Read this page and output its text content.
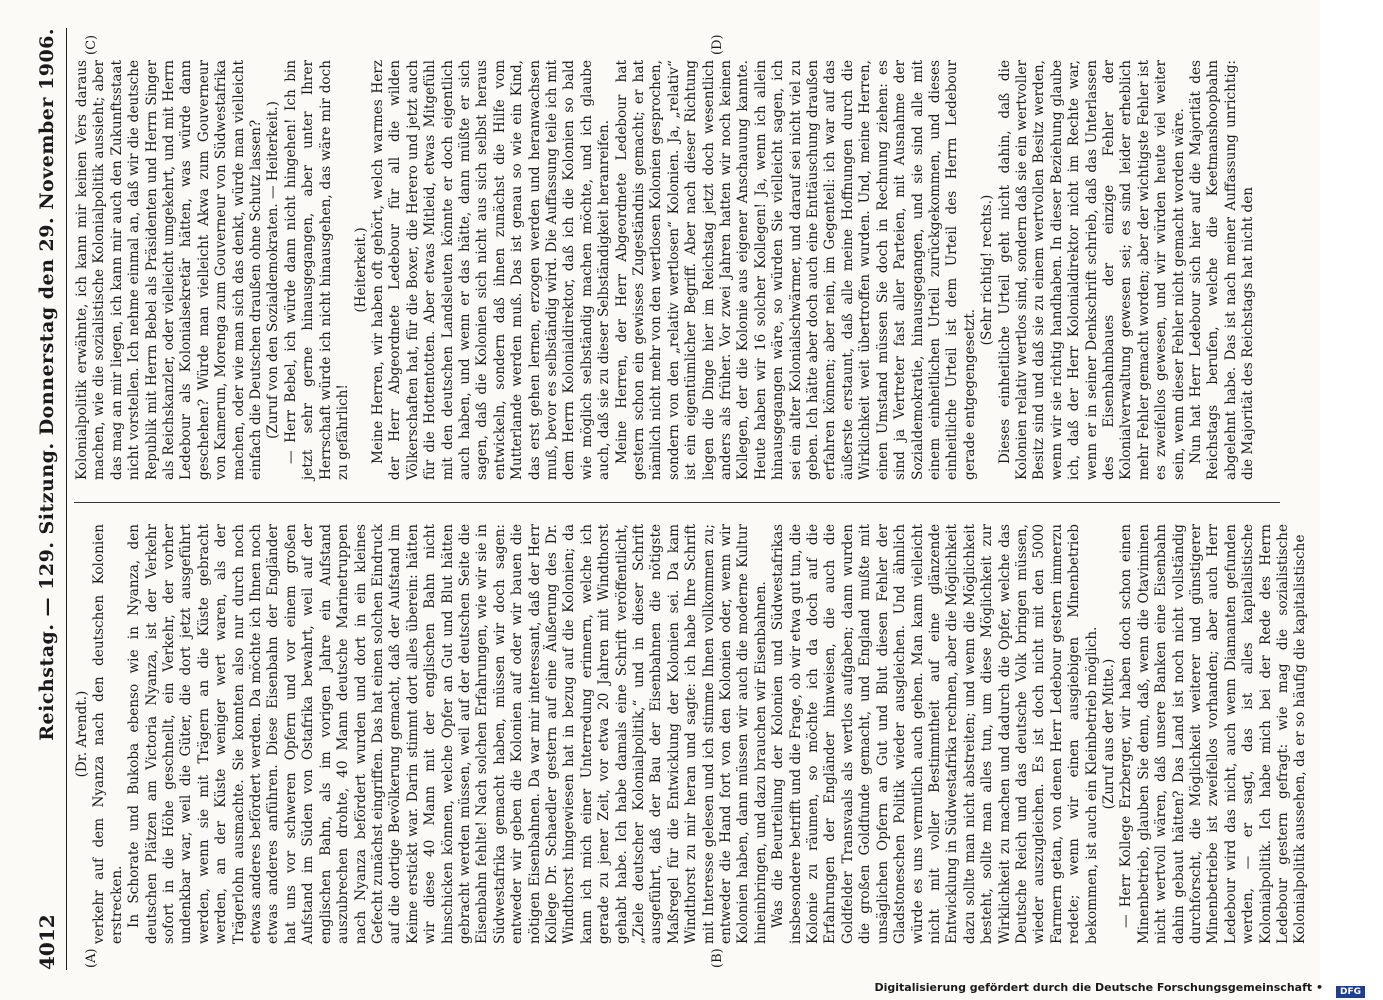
4012
Reichstag. — 129. Sitzung. Donnerstag den 29. November 1906.
(A)	(B)
(C)	(D)

(Dr. Arendt.) verkehr auf dem Nyanza nach den deutschen Kolonien erstrecken. In Schorate und Bukoba ebenso wie in Nyanza, den deutschen Plätzen am Victoria Nyanza, ist der Verkehr sofort in die Höhe geschnellt, ein Verkehr, der vorher undenkbar war, weil die Güter, die dort jetzt ausgeführt werden, wenn sie mit Trägern an die Küste gebracht werden, an der Küste weniger wert waren, als der Trägerlohn ausmachte. Sie konnten also nur durch noch etwas anderes befördert werden. Da möchte ich Ihnen noch etwas anderes anführen. Diese Eisenbahn der Engländer hat uns vor schweren Opfern und vor einem großen Aufstand im Süden von Ostafrika bewahrt, weil auf der englischen Bahn, als im vorigen Jahre ein Aufstand auszubrechen drohte, 40 Mann deutsche Marinetruppen nach Nyanza befördert wurden und dort in ein kleines Gefecht zunächst eingriffen. Das hat einen solchen Eindruck auf die dortige Bevölkerung gemacht, daß der Aufstand im Keime erstickt war. Darin stimmt dort alles überein: hätten wir diese 40 Mann mit der englischen Bahn nicht hinschicken können, welche Opfer an Gut und Blut hätten gebracht werden müssen, weil auf der deutschen Seite die Eisenbahn fehlte! Nach solchen Erfahrungen, wie wir sie in Südwestafrika gemacht haben, müssen wir doch sagen: entweder wir geben die Kolonien auf oder wir bauen die nötigen Eisenbahnen. Da war mir interessant, daß der Herr Kollege Dr. Schaedler gestern auf eine Äußerung des Dr. Windthorst hingewiesen hat in bezug auf die Kolonien; da kann ich mich einer Unterredung erinnern, welche ich gerade zu jener Zeit, vor etwa 20 Jahren mit Windthorst gehabt habe. Ich habe damals eine Schrift veröffentlicht, „Ziele deutscher Kolonialpolitik,“ und in dieser Schrift ausgeführt, daß der Bau der Eisenbahnen die nötigste Maßregel für die Entwicklung der Kolonien sei. Da kam Windthorst zu mir heran und sagte: ich habe Ihre Schrift mit Interesse gelesen und ich stimme Ihnen vollkommen zu; entweder die Hand fort von den Kolonien oder, wenn wir Kolonien haben, dann müssen wir auch die moderne Kultur hineinbringen, und dazu brauchen wir Eisenbahnen. Was die Beurteilung der Kolonien und Südwestafrikas insbesondere betrifft und die Frage, ob wir etwa gut tun, die Kolonie zu räumen, so möchte ich da doch auf die Erfahrungen der Engländer hinweisen, die auch die Goldfelder Transvaals als wertlos aufgaben; dann wurden die großen Goldfunde gemacht, und England mußte mit unsäglichen Opfern an Gut und Blut diesen Fehler der Gladstoneschen Politik wieder ausgleichen. Und ähnlich würde es uns vermutlich auch gehen. Man kann vielleicht nicht mit voller Bestimmtheit auf eine glänzende Entwicklung in Südwestafrika rechnen, aber die Möglichkeit dazu sollte man nicht abstreiten; und wenn die Möglichkeit besteht, sollte man alles tun, um diese Möglichkeit zur Wirklichkeit zu machen und dadurch die Opfer, welche das Deutsche Reich und das deutsche Volk bringen müssen, wieder auszugleichen. Es ist doch nicht mit den 5000 Farmern getan, von denen Herr Ledebour gestern immerzu redete; wenn wir einen ausgiebigen Minenbetrieb bekommen, ist auch ein Kleinbetrieb möglich. (Zuruf aus der Mitte.) — Herr Kollege Erzberger, wir haben doch schon einen Minenbetrieb, glauben Sie denn, daß, wenn die Otaviminen nicht wertvoll wären, daß unsere Banken eine Eisenbahn dahin gebaut hätten? Das Land ist noch nicht vollständig durchforscht, die Möglichkeit weiterer und günstigerer Minenbetriebe ist zweifellos vorhanden; aber auch Herr Ledebour wird das nicht, auch wenn Diamanten gefunden werden, — er sagt, das ist alles kapitalistische Kolonialpolitik. Ich habe mich bei der Rede des Herrn Ledebour gestern gefragt: wie mag die sozialistische Kolonialpolitik aussehen, da er so häufig die kapitalistische

Kolonialpolitik erwähnte, ich kann mir keinen Vers daraus machen, wie die sozialistische Kolonialpolitik aussieht; aber das mag an mir liegen, ich kann mir auch den Zukunftsstaat nicht vorstellen. Ich nehme einmal an, daß wir die deutsche Republik mit Herrn Bebel als Präsidenten und Herrn Singer als Reichskanzler, oder vielleicht umgekehrt, und mit Herrn Ledebour als Kolonialsekretär hätten, was würde dann geschehen? Würde man vielleicht Akwa zum Gouverneur von Kamerun, Morenga zum Gouverneur von Südwestafrika machen, oder wie man sich das denkt, würde man vielleicht einfach die Deutschen draußen ohne Schutz lassen? (Zuruf von den Sozialdemokraten. — Heiterkeit.) — Herr Bebel, ich würde dann nicht hingehen! Ich bin jetzt sehr gerne hinausgegangen, aber unter Ihrer Herrschaft würde ich nicht hinausgehen, das wäre mir doch zu gefährlich!

(Heiterkeit.) Meine Herren, wir haben oft gehört, welch warmes Herz der Herr Abgeordnete Ledebour für all die wilden Völkerschaften hat, für die Boxer, die Herero und jetzt auch für die Hottentotten. Aber etwas Mitleid, etwas Mitgefühl mit den deutschen Landsleuten könnte er doch eigentlich auch haben, und wenn er das hätte, dann müßte er sich sagen, daß die Kolonien sich nicht aus sich selbst heraus entwickeln, sondern daß ihnen zunächst die Hilfe vom Mutterlande werden muß. Das ist genau so wie ein Kind, das erst gehen lernen, erzogen werden und heranwachsen muß, bevor es selbständig wird. Die Auffassung teile ich mit dem Herrn Kolonialdirektor, daß ich die Kolonien so bald wie möglich selbständig machen möchte, und ich glaube auch, daß sie zu dieser Selbständigkeit heranreifen. Meine Herren, der Herr Abgeordnete Ledebour hat gestern schon ein gewisses Zugeständnis gemacht; er hat nämlich nicht mehr von den wertlosen Kolonien gesprochen, sondern von den „relativ wertlosen“ Kolonien. Ja, „relativ“ ist ein eigentümlicher Begriff. Aber nach dieser Richtung liegen die Dinge hier im Reichstag jetzt doch wesentlich anders als früher. Vor zwei Jahren hatten wir noch keinen Kollegen, der die Kolonie aus eigener Anschauung kannte. Heute haben wir 16 solcher Kollegen! Ja, wenn ich allein hinausgegangen wäre, so würden Sie vielleicht sagen, ich sei ein alter Kolonialschwärmer, und darauf sei nicht viel zu geben. Ich hätte aber doch auch eine Enttäuschung draußen erfahren können; aber nein, im Gegenteil: ich war auf das äußerste erstaunt, daß alle meine Hoffnungen durch die Wirklichkeit weit übertroffen wurden. Und, meine Herren, einen Umstand müssen Sie doch in Rechnung ziehen: es sind ja Vertreter fast aller Parteien, mit Ausnahme der Sozialdemokratie, hinausgegangen, und sie sind alle mit einem einheitlichen Urteil zurückgekommen, und dieses einheitliche Urteil ist dem Urteil des Herrn Ledebour gerade entgegengesetzt.

(Sehr richtig! rechts.) Dieses einheitliche Urteil geht nicht dahin, daß die Kolonien relativ wertlos sind, sondern daß sie ein wertvoller Besitz sind und daß sie zu einem wertvollen Besitz werden, wenn wir sie richtig handhaben. In dieser Beziehung glaube ich, daß der Herr Kolonialdirektor nicht im Rechte war, wenn er in seiner Denkschrift schrieb, daß das Unterlassen des Eisenbahnbaues der einzige Fehler der Kolonialverwaltung gewesen sei; es sind leider erheblich mehr Fehler gemacht worden; aber der wichtigste Fehler ist es zweifellos gewesen, und wir würden heute viel weiter sein, wenn dieser Fehler nicht gemacht worden wäre. Nun hat Herr Ledebour sich hier auf die Majorität des Reichstags berufen, welche die Keetmanshoopbahn abgelehnt habe. Das ist nach meiner Auffassung unrichtig: die Majorität des Reichstags hat nicht den

Digitalisierung gefördert durch die Deutsche Forschungsgemeinschaft •	DFG
